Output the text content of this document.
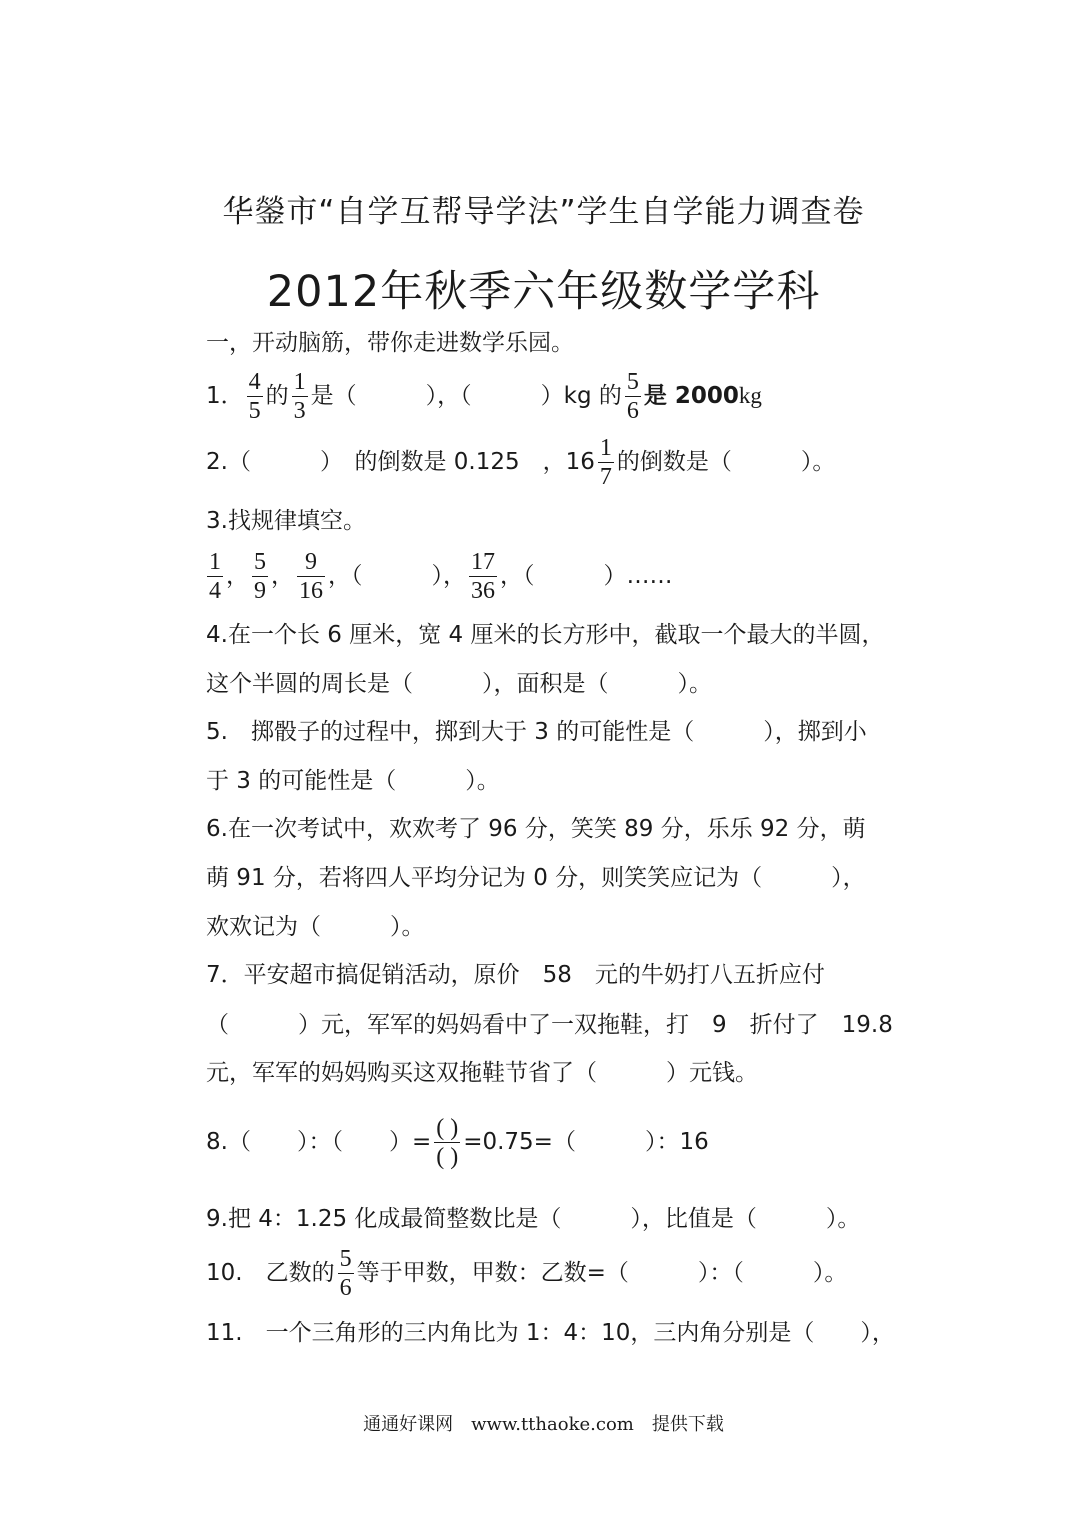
华鎣市“自学互帮导学法”学生自学能力调查卷
2012年秋季六年级数学学科
一，开动脑筋，带你走进数学乐园。
1． $\frac{4}{5}$ 的 $\frac{1}{3}$ 是（　　　），（　　　）kg 的 $\frac{5}{6}$ 是 2000kg
2.（　　　）　的倒数是 0.125　，$16 \frac{1}{7}$ 的倒数是（　　　）。
3.找规律填空。
$\frac{1}{4}$ ， $\frac{5}{9}$ ， $\frac{9}{16}$ ，（　　　）， $\frac{17}{36}$ ，（　　　）……
4.在一个长 6 厘米，宽 4 厘米的长方形中，截取一个最大的半圆，
这个半圆的周长是（　　　），面积是（　　　）。
5.　掷骰子的过程中，掷到大于 3 的可能性是（　　　），掷到小
于 3 的可能性是（　　　）。
6.在一次考试中，欢欢考了 96 分，笑笑 89 分，乐乐 92 分，萌
萌 91 分，若将四人平均分记为 0 分，则笑笑应记为（　　　），
欢欢记为（　　　）。
7．平安超市搞促销活动，原价　58　元的牛奶打八五折应付
（　　　）元，军军的妈妈看中了一双拖鞋，打　9　折付了　19.8
元，军军的妈妈购买这双拖鞋节省了（　　　）元钱。
8.（　　）：（　　）= $\frac{( )}{( )} =0.75=$（　　　）：16
9.把 4：1.25 化成最简整数比是（　　　），比值是（　　　）。
10.　乙数的 $\frac{5}{6}$ 等于甲数，甲数：乙数=（　　　）：（　　　）。
11.　一个三角形的三内角比为 1：4：10，三内角分别是（　　），
通通好课网　www.tthaoke.com　提供下载
